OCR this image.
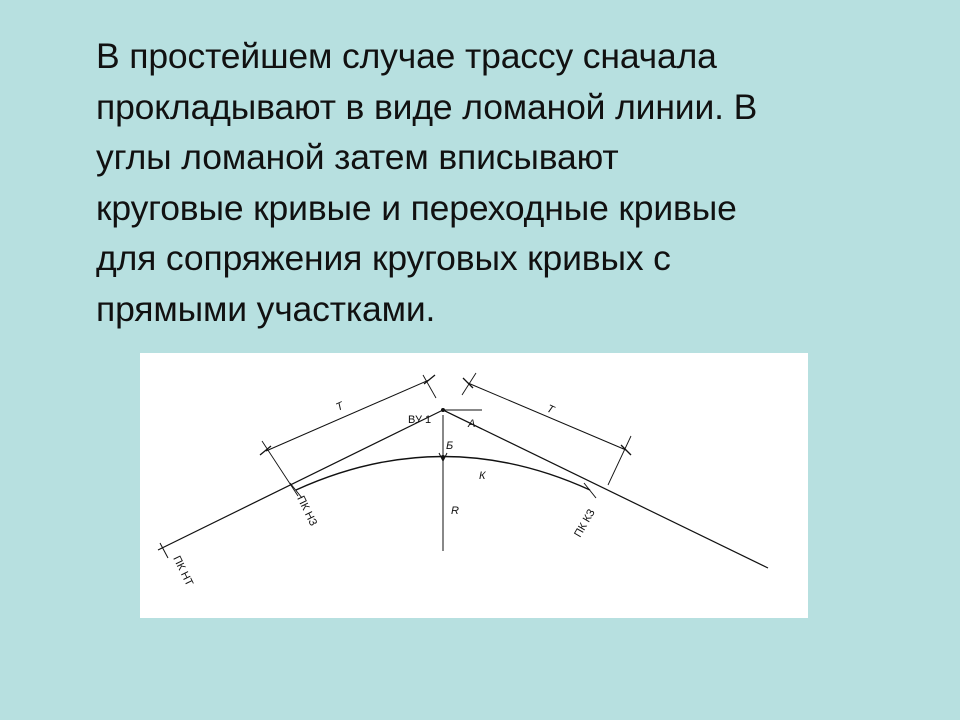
В простейшем случае трассу сначала
прокладывают в виде ломаной линии. В
углы ломаной затем вписывают
круговые кривые и переходные кривые
для сопряжения круговых кривых с
прямыми участками.
Т	Т
ВУ 1	А
Б
К
R
ПК НЗ	ПК КЗ
ПК НТ
